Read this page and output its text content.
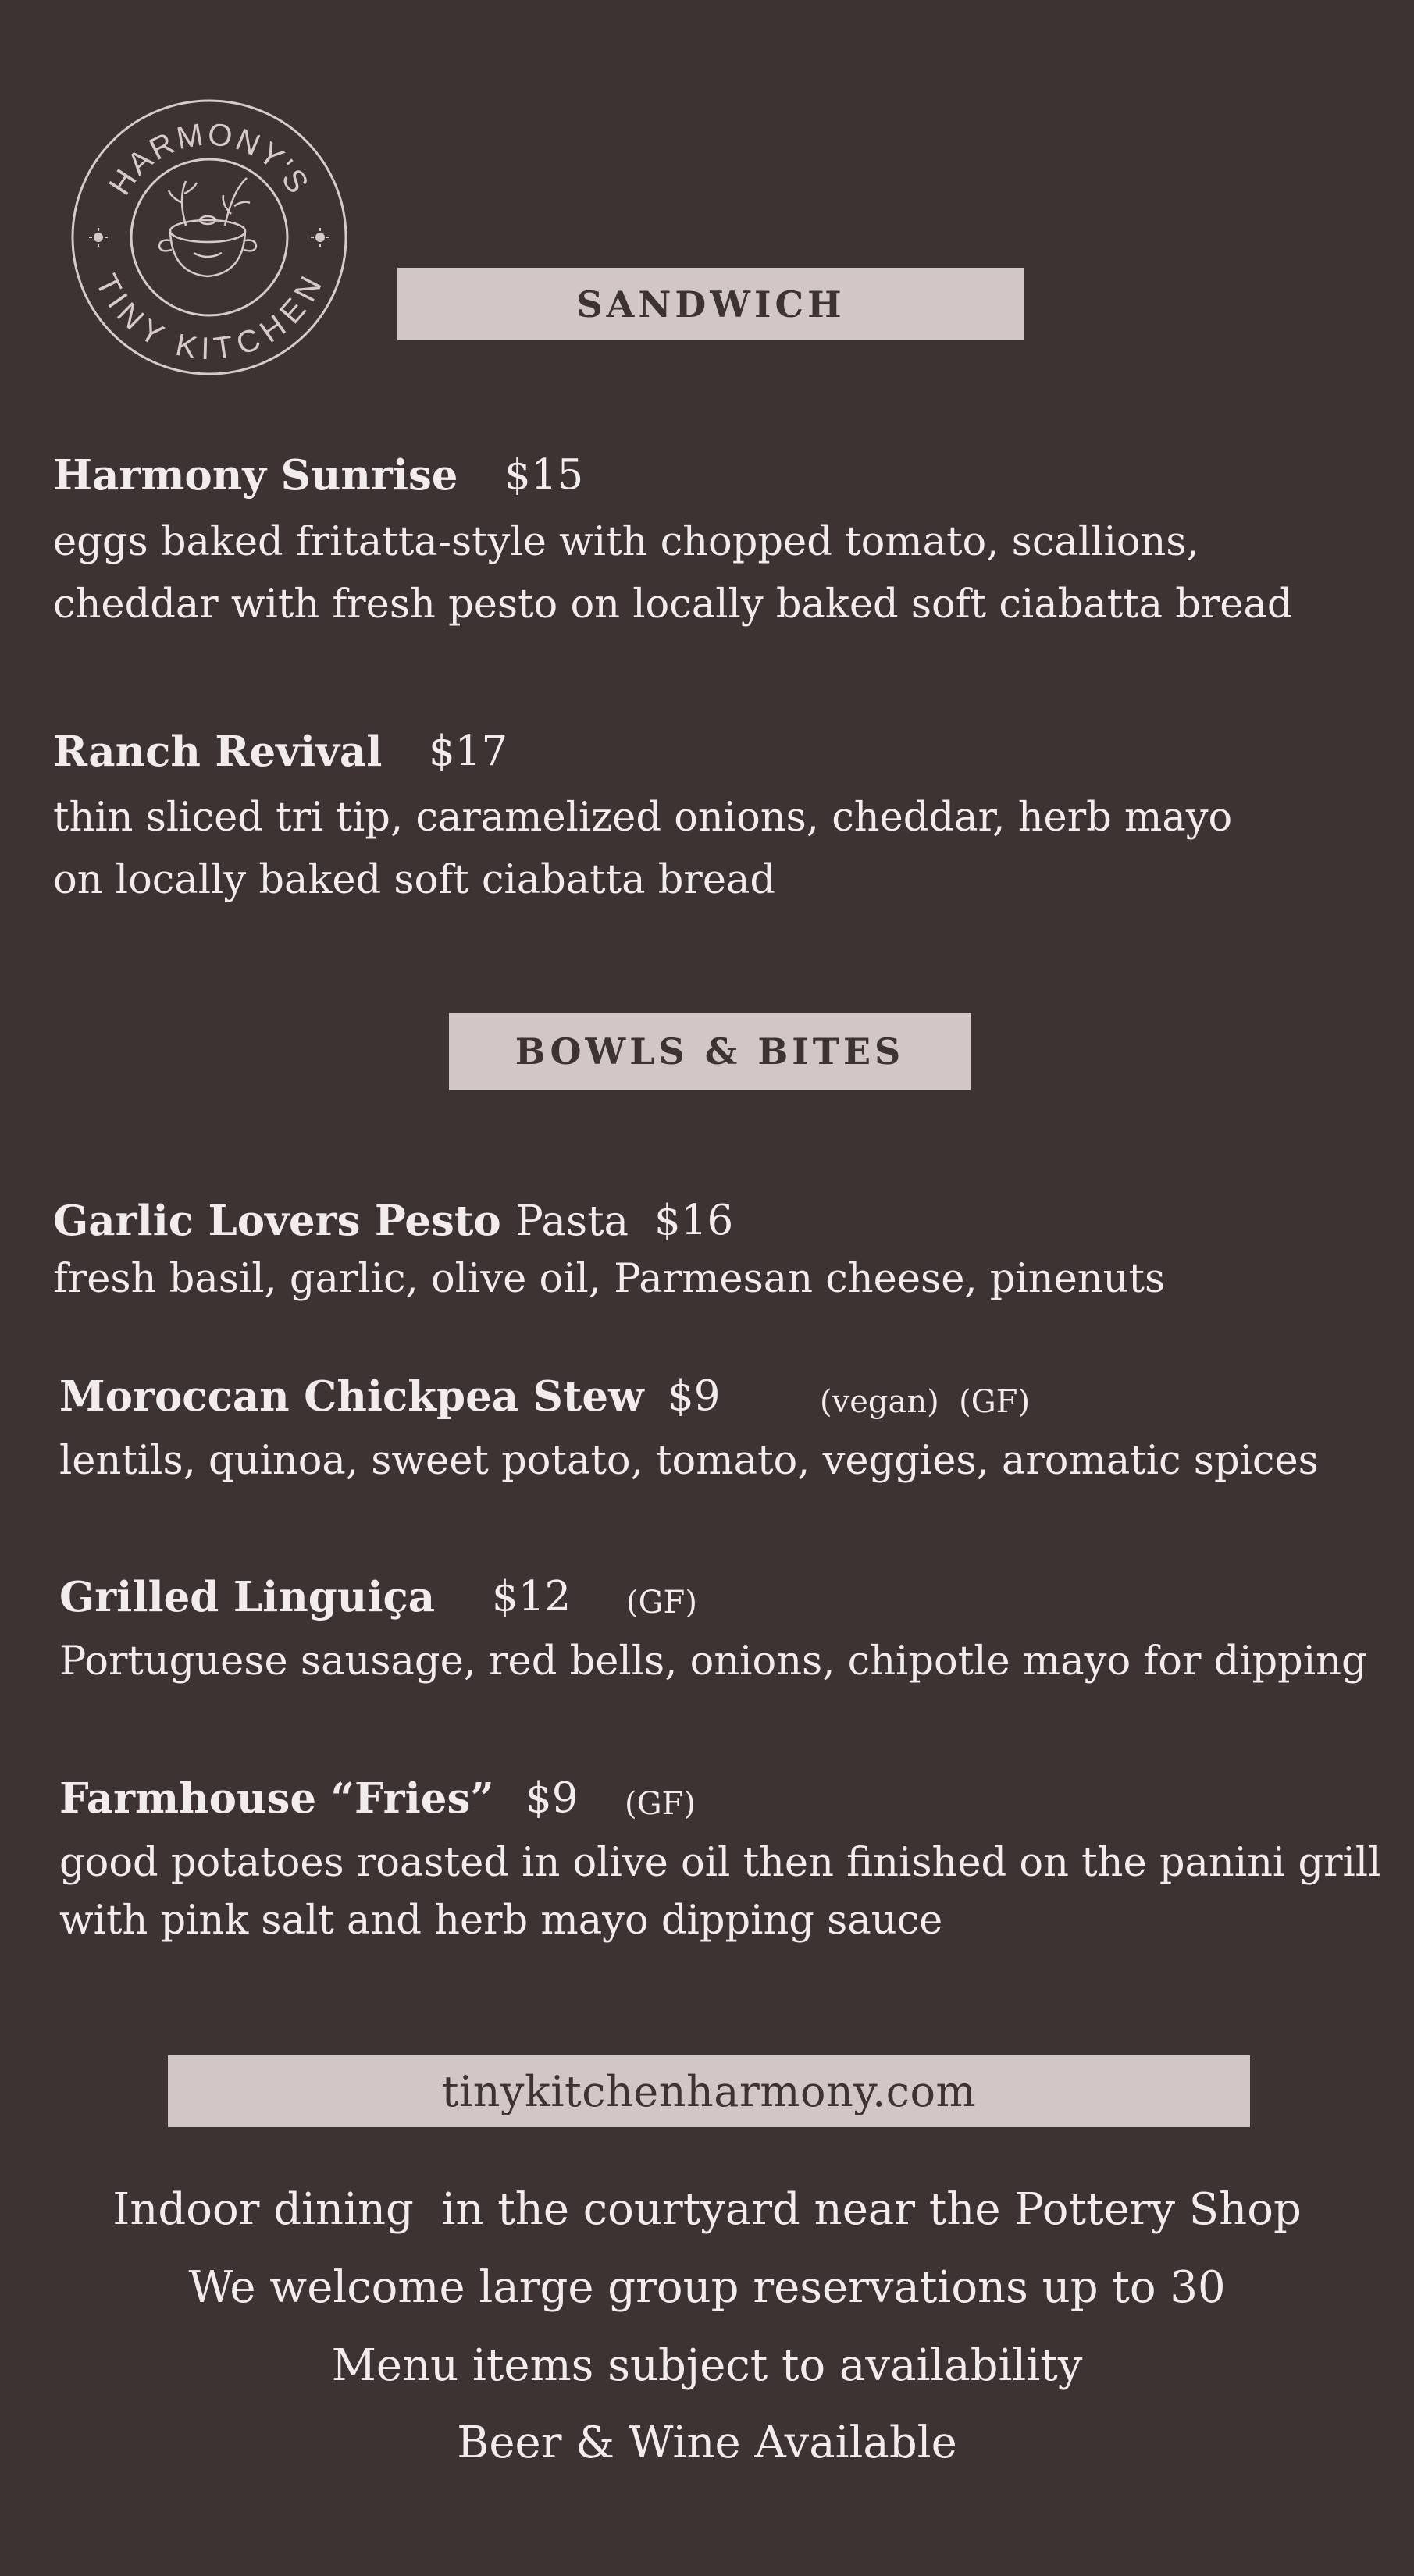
HARMONY'S
TINY KITCHEN	SANDWICH
Harmony Sunrise $15
eggs baked fritatta-style with chopped tomato, scallions,
cheddar with fresh pesto on locally baked soft ciabatta bread
Ranch Revival $17
thin sliced tri tip, caramelized onions, cheddar, herb mayo
on locally baked soft ciabatta bread
BOWLS & BITES
Garlic Lovers Pesto Pasta $16
fresh basil, garlic, olive oil, Parmesan cheese, pinenuts
Moroccan Chickpea Stew $9	(vegan)  (GF)
lentils, quinoa, sweet potato, tomato, veggies, aromatic spices
Grilled Linguiça $12 (GF)
Portuguese sausage, red bells, onions, chipotle mayo for dipping
Farmhouse “Fries” $9 (GF)
good potatoes roasted in olive oil then finished on the panini grill
with pink salt and herb mayo dipping sauce
tinykitchenharmony.com
Indoor dining  in the courtyard near the Pottery Shop
We welcome large group reservations up to 30
Menu items subject to availability
Beer & Wine Available
